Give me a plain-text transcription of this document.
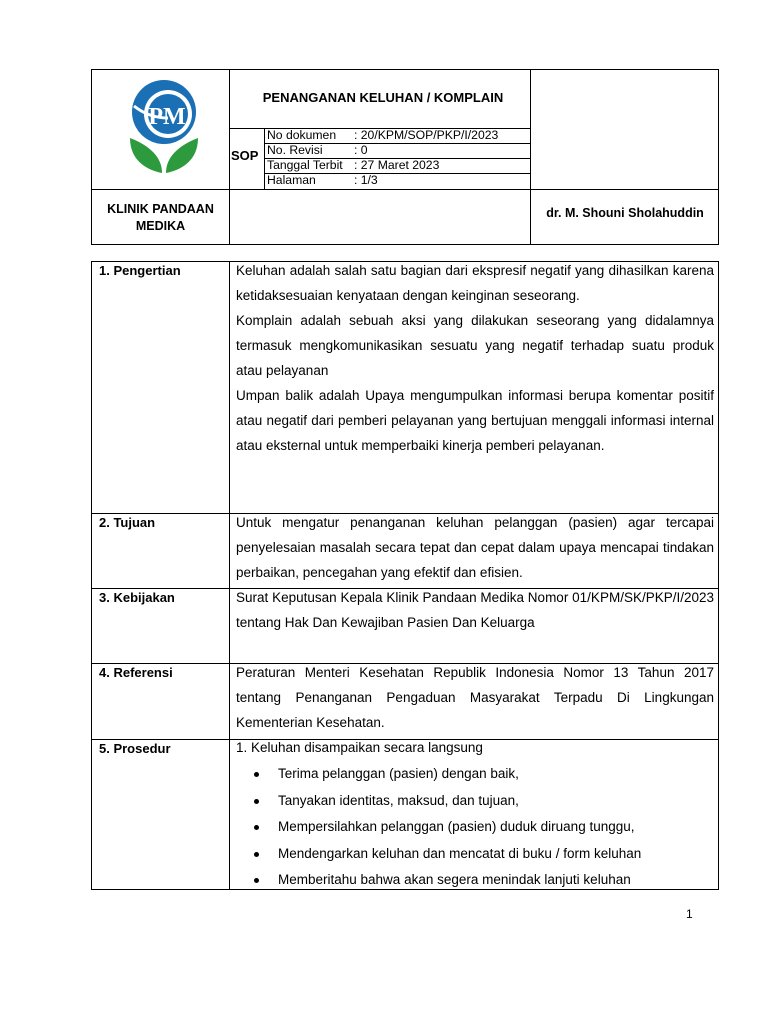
PM
PENANGANAN KELUHAN / KOMPLAIN
SOP
No dokumen : 20/KPM/SOP/PKP/I/2023
No. Revisi	: 0
Tanggal Terbit : 27 Maret 2023
Halaman	: 1/3
KLINIK PANDAAN MEDIKA
dr. M. Shouni Sholahuddin
1. Pengertian	Keluhan adalah salah satu bagian dari ekspresif negatif yang dihasilkan karena ketidaksesuaian kenyataan dengan keinginan seseorang.

Komplain adalah sebuah aksi yang dilakukan seseorang yang didalamnya termasuk mengkomunikasikan sesuatu yang negatif terhadap suatu produk atau pelayanan

Umpan balik adalah Upaya mengumpulkan informasi berupa komentar positif atau negatif dari pemberi pelayanan yang bertujuan menggali informasi internal atau eksternal untuk memperbaiki kinerja pemberi pelayanan.

2. Tujuan	Untuk mengatur penanganan keluhan pelanggan (pasien) agar tercapai penyelesaian masalah secara tepat dan cepat dalam upaya mencapai tindakan perbaikan, pencegahan yang efektif dan efisien.

3. Kebijakan	Surat Keputusan Kepala Klinik Pandaan Medika Nomor 01/KPM/SK/PKP/I/2023 tentang Hak Dan Kewajiban Pasien Dan Keluarga

4. Referensi	Peraturan Menteri Kesehatan Republik Indonesia Nomor 13 Tahun 2017 tentang Penanganan Pengaduan Masyarakat Terpadu Di Lingkungan Kementerian Kesehatan.

5. Prosedur	1. Keluhan disampaikan secara langsung

Terima pelanggan (pasien) dengan baik,
Tanyakan identitas, maksud, dan tujuan,
Mempersilahkan pelanggan (pasien) duduk diruang tunggu,
Mendengarkan keluhan dan mencatat di buku / form keluhan
Memberitahu bahwa akan segera menindak lanjuti keluhan
1
